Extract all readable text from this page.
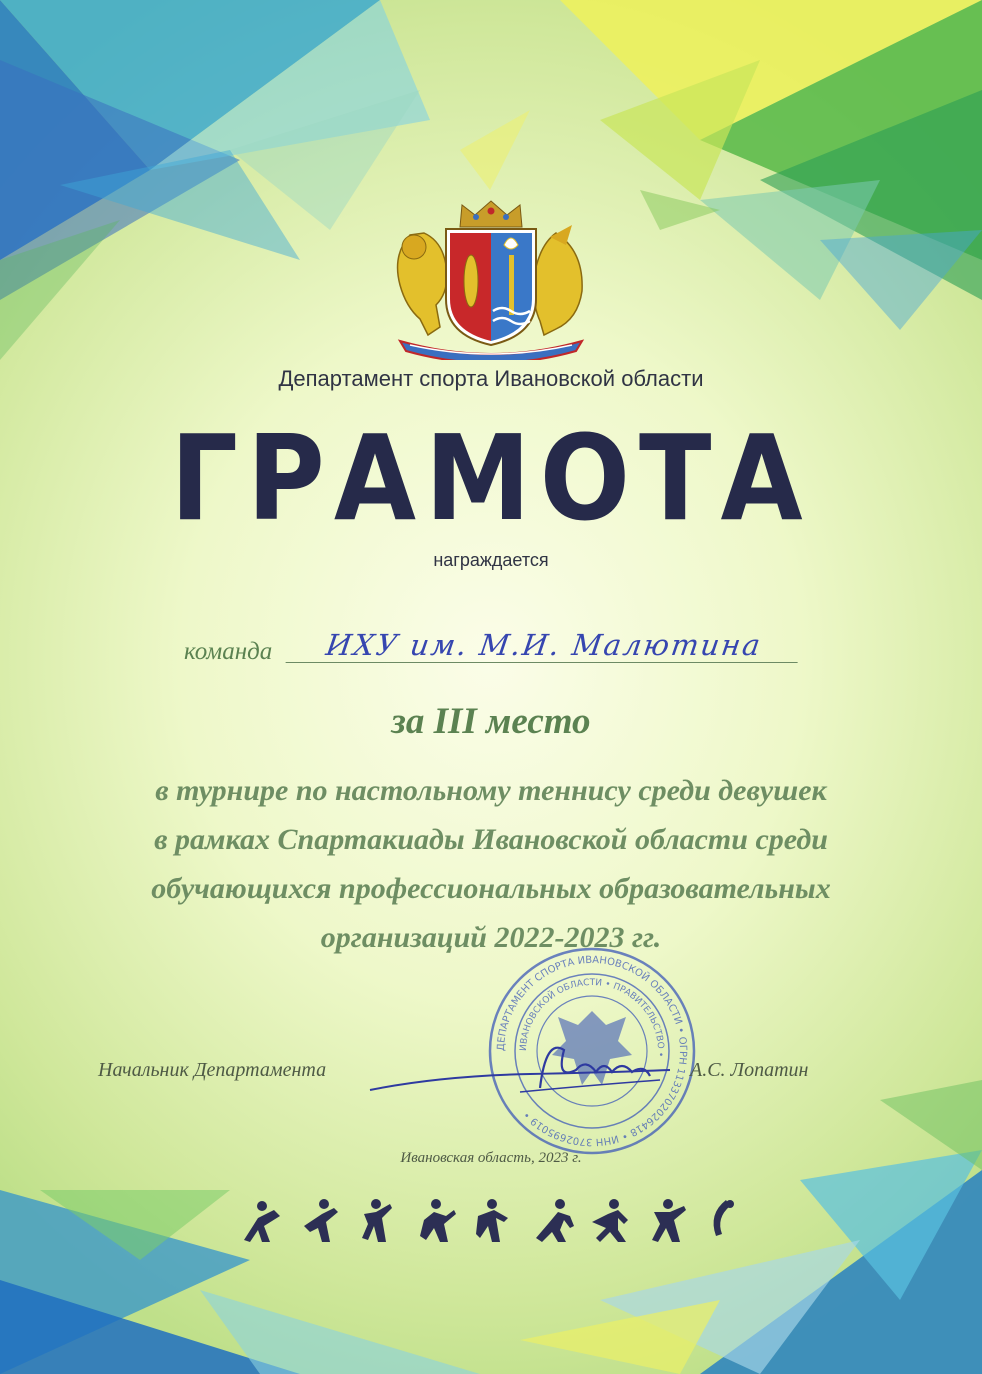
Департамент спорта Ивановской области
ГРАМОТА
награждается
команда	ИХУ им. М.И. Малютина
за III место
в турнире по настольному теннису среди девушек
в рамках Спартакиады Ивановской области среди
обучающихся профессиональных образовательных
организаций 2022-2023 гг.
ДЕПАРТАМЕНТ СПОРТА ИВАНОВСКОЙ ОБЛАСТИ • ОГРН 1133702026418 • ИНН 3702695019 •
ИВАНОВСКОЙ ОБЛАСТИ • ПРАВИТЕЛЬСТВО •
Начальник Департамента	А.С. Лопатин
Ивановская область, 2023 г.
